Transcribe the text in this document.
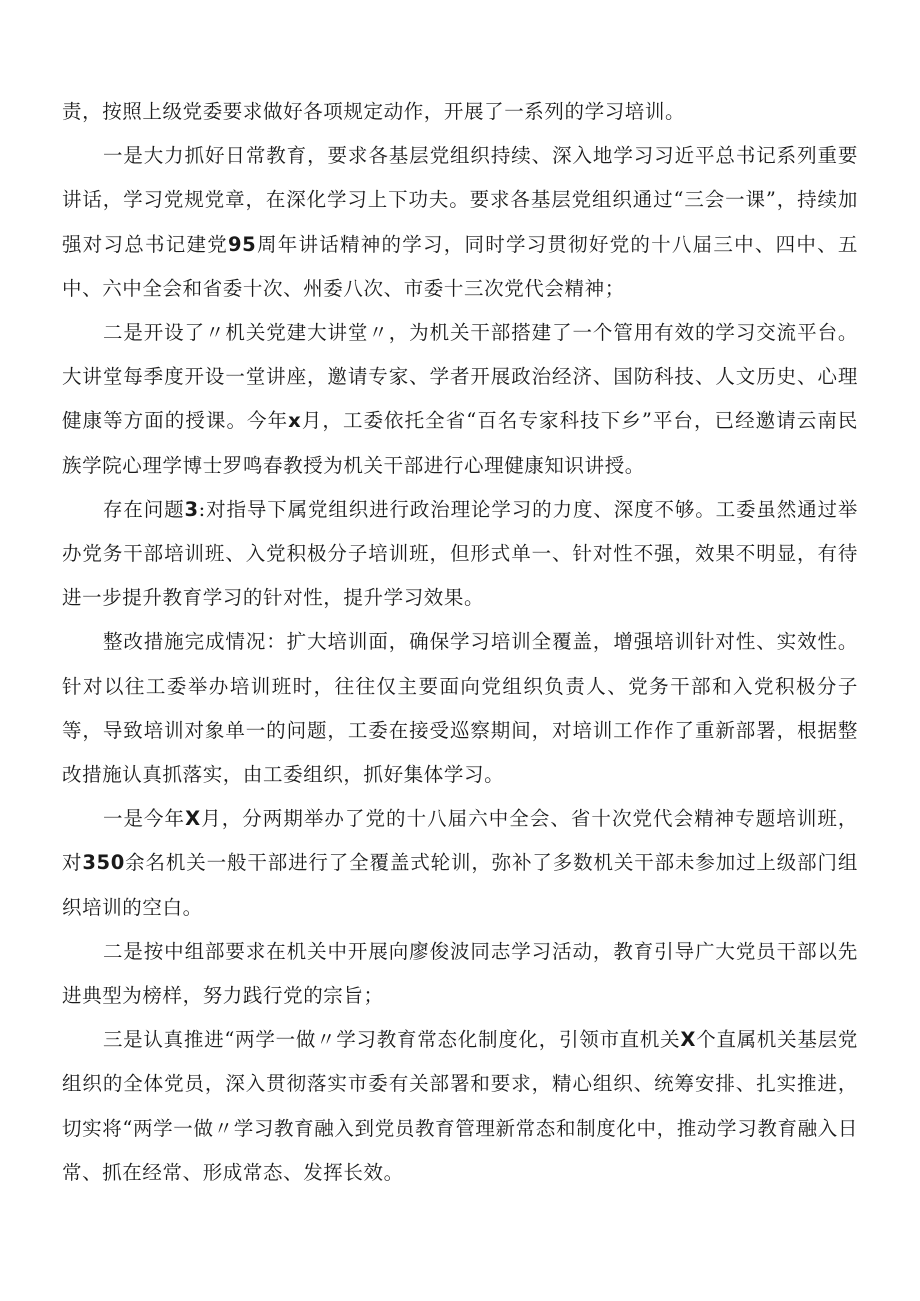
责，按照上级党委要求做好各项规定动作，开展了一系列的学习培训。

一是大力抓好日常教育，要求各基层党组织持续、深入地学习习近平总书记系列重要讲话，学习党规党章，在深化学习上下功夫。要求各基层党组织通过“三会一课”，持续加强对习总书记建党95周年讲话精神的学习，同时学习贯彻好党的十八届三中、四中、五中、六中全会和省委十次、州委八次、市委十三次党代会精神；

二是开设了〃机关党建大讲堂〃，为机关干部搭建了一个管用有效的学习交流平台。大讲堂每季度开设一堂讲座，邀请专家、学者开展政治经济、国防科技、人文历史、心理健康等方面的授课。今年x月，工委依托全省“百名专家科技下乡”平台，已经邀请云南民族学院心理学博士罗鸣春教授为机关干部进行心理健康知识讲授。

存在问题3:对指导下属党组织进行政治理论学习的力度、深度不够。工委虽然通过举办党务干部培训班、入党积极分子培训班，但形式单一、针对性不强，效果不明显，有待进一步提升教育学习的针对性，提升学习效果。

整改措施完成情况：扩大培训面，确保学习培训全覆盖，增强培训针对性、实效性。针对以往工委举办培训班时，往往仅主要面向党组织负责人、党务干部和入党积极分子等，导致培训对象单一的问题，工委在接受巡察期间，对培训工作作了重新部署，根据整改措施认真抓落实，由工委组织，抓好集体学习。

一是今年X月，分两期举办了党的十八届六中全会、省十次党代会精神专题培训班，对350余名机关一般干部进行了全覆盖式轮训，弥补了多数机关干部未参加过上级部门组织培训的空白。

二是按中组部要求在机关中开展向廖俊波同志学习活动，教育引导广大党员干部以先进典型为榜样，努力践行党的宗旨；

三是认真推进“两学一做〃学习教育常态化制度化，引领市直机关X个直属机关基层党组织的全体党员，深入贯彻落实市委有关部署和要求，精心组织、统筹安排、扎实推进，切实将“两学一做〃学习教育融入到党员教育管理新常态和制度化中，推动学习教育融入日常、抓在经常、形成常态、发挥长效。
